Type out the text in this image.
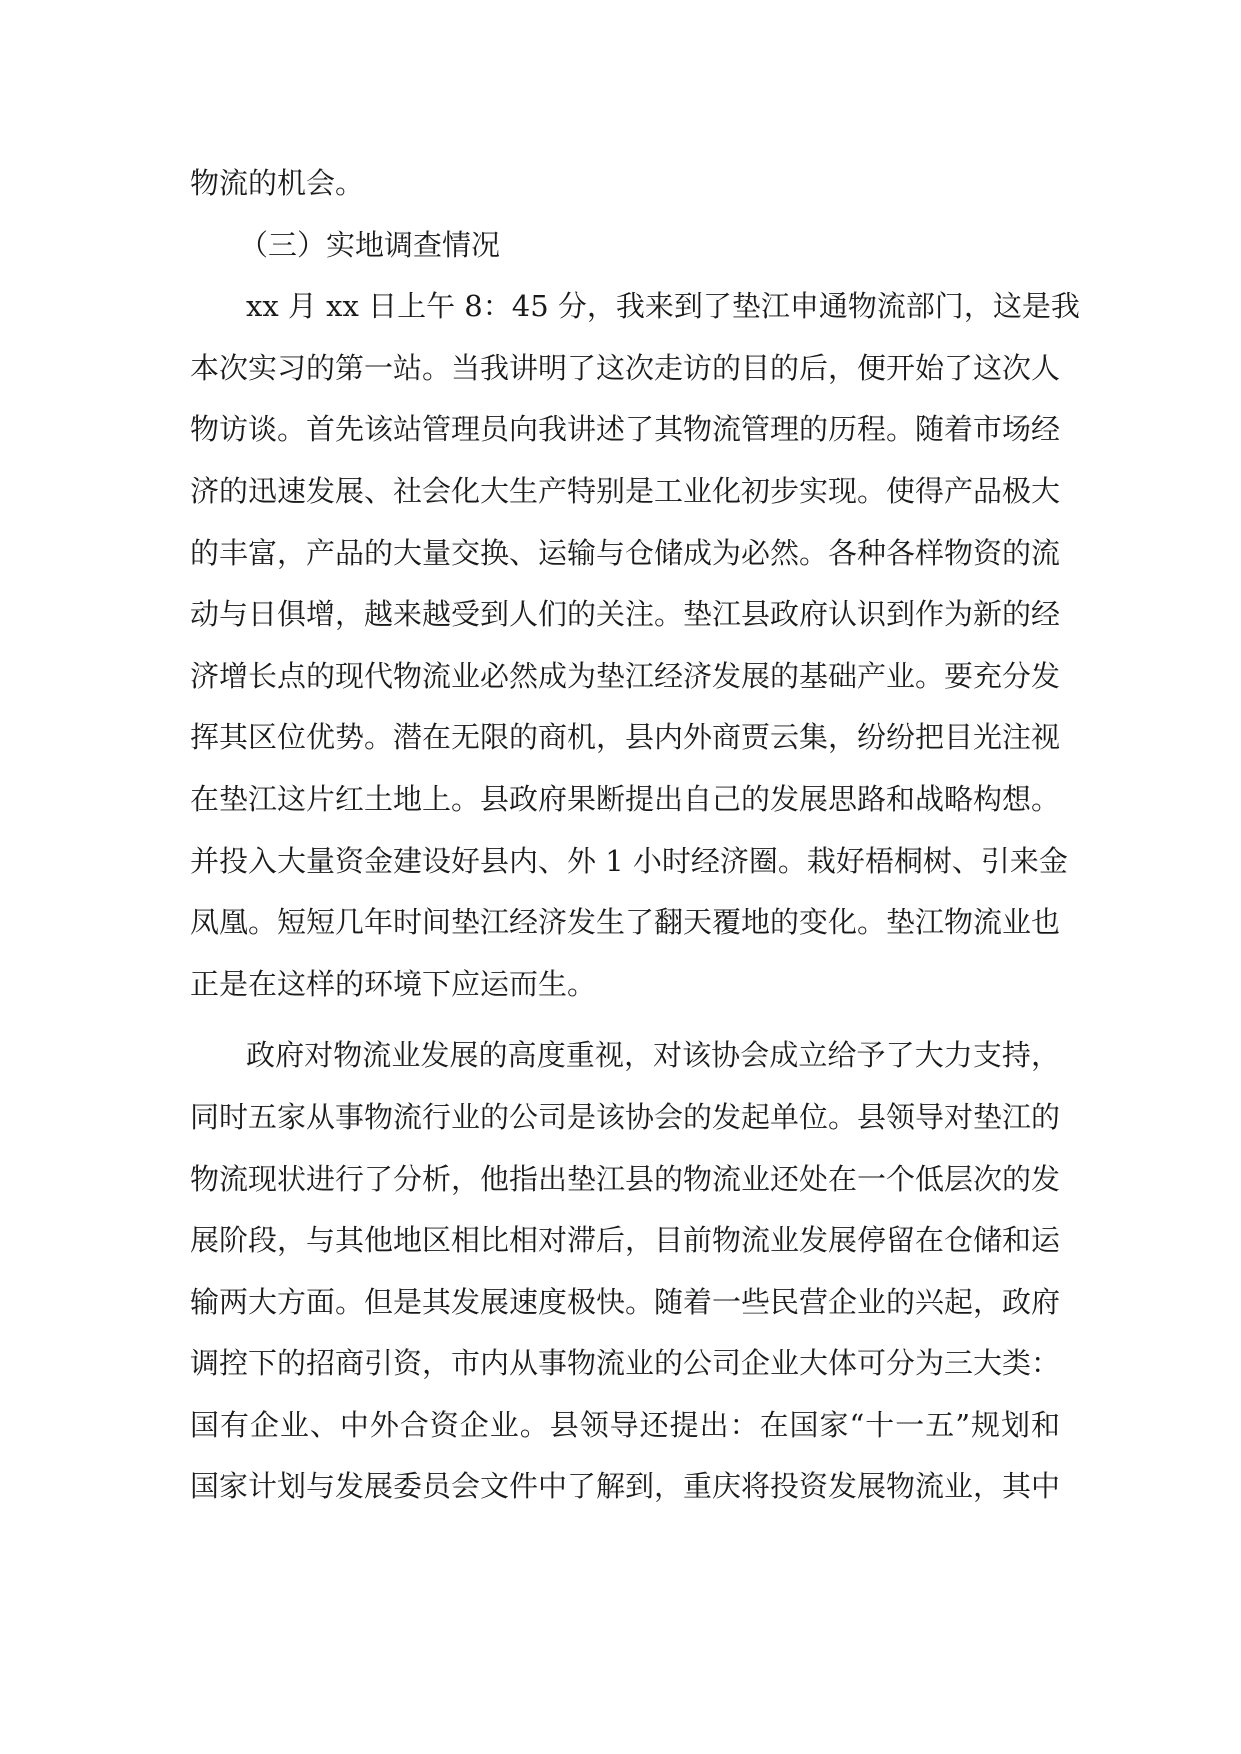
物流的机会。
（三）实地调查情况
xx 月 xx 日上午 8：45 分，我来到了垫江申通物流部门，这是我
本次实习的第一站。当我讲明了这次走访的目的后，便开始了这次人
物访谈。首先该站管理员向我讲述了其物流管理的历程。随着市场经
济的迅速发展、社会化大生产特别是工业化初步实现。使得产品极大
的丰富，产品的大量交换、运输与仓储成为必然。各种各样物资的流
动与日俱增，越来越受到人们的关注。垫江县政府认识到作为新的经
济增长点的现代物流业必然成为垫江经济发展的基础产业。要充分发
挥其区位优势。潜在无限的商机，县内外商贾云集，纷纷把目光注视
在垫江这片红土地上。县政府果断提出自己的发展思路和战略构想。
并投入大量资金建设好县内、外 1 小时经济圈。栽好梧桐树、引来金
凤凰。短短几年时间垫江经济发生了翻天覆地的变化。垫江物流业也
正是在这样的环境下应运而生。
政府对物流业发展的高度重视，对该协会成立给予了大力支持，
同时五家从事物流行业的公司是该协会的发起单位。县领导对垫江的
物流现状进行了分析，他指出垫江县的物流业还处在一个低层次的发
展阶段，与其他地区相比相对滞后，目前物流业发展停留在仓储和运
输两大方面。但是其发展速度极快。随着一些民营企业的兴起，政府
调控下的招商引资，市内从事物流业的公司企业大体可分为三大类：
国有企业、中外合资企业。县领导还提出：在国家“十一五”规划和
国家计划与发展委员会文件中了解到，重庆将投资发展物流业，其中
